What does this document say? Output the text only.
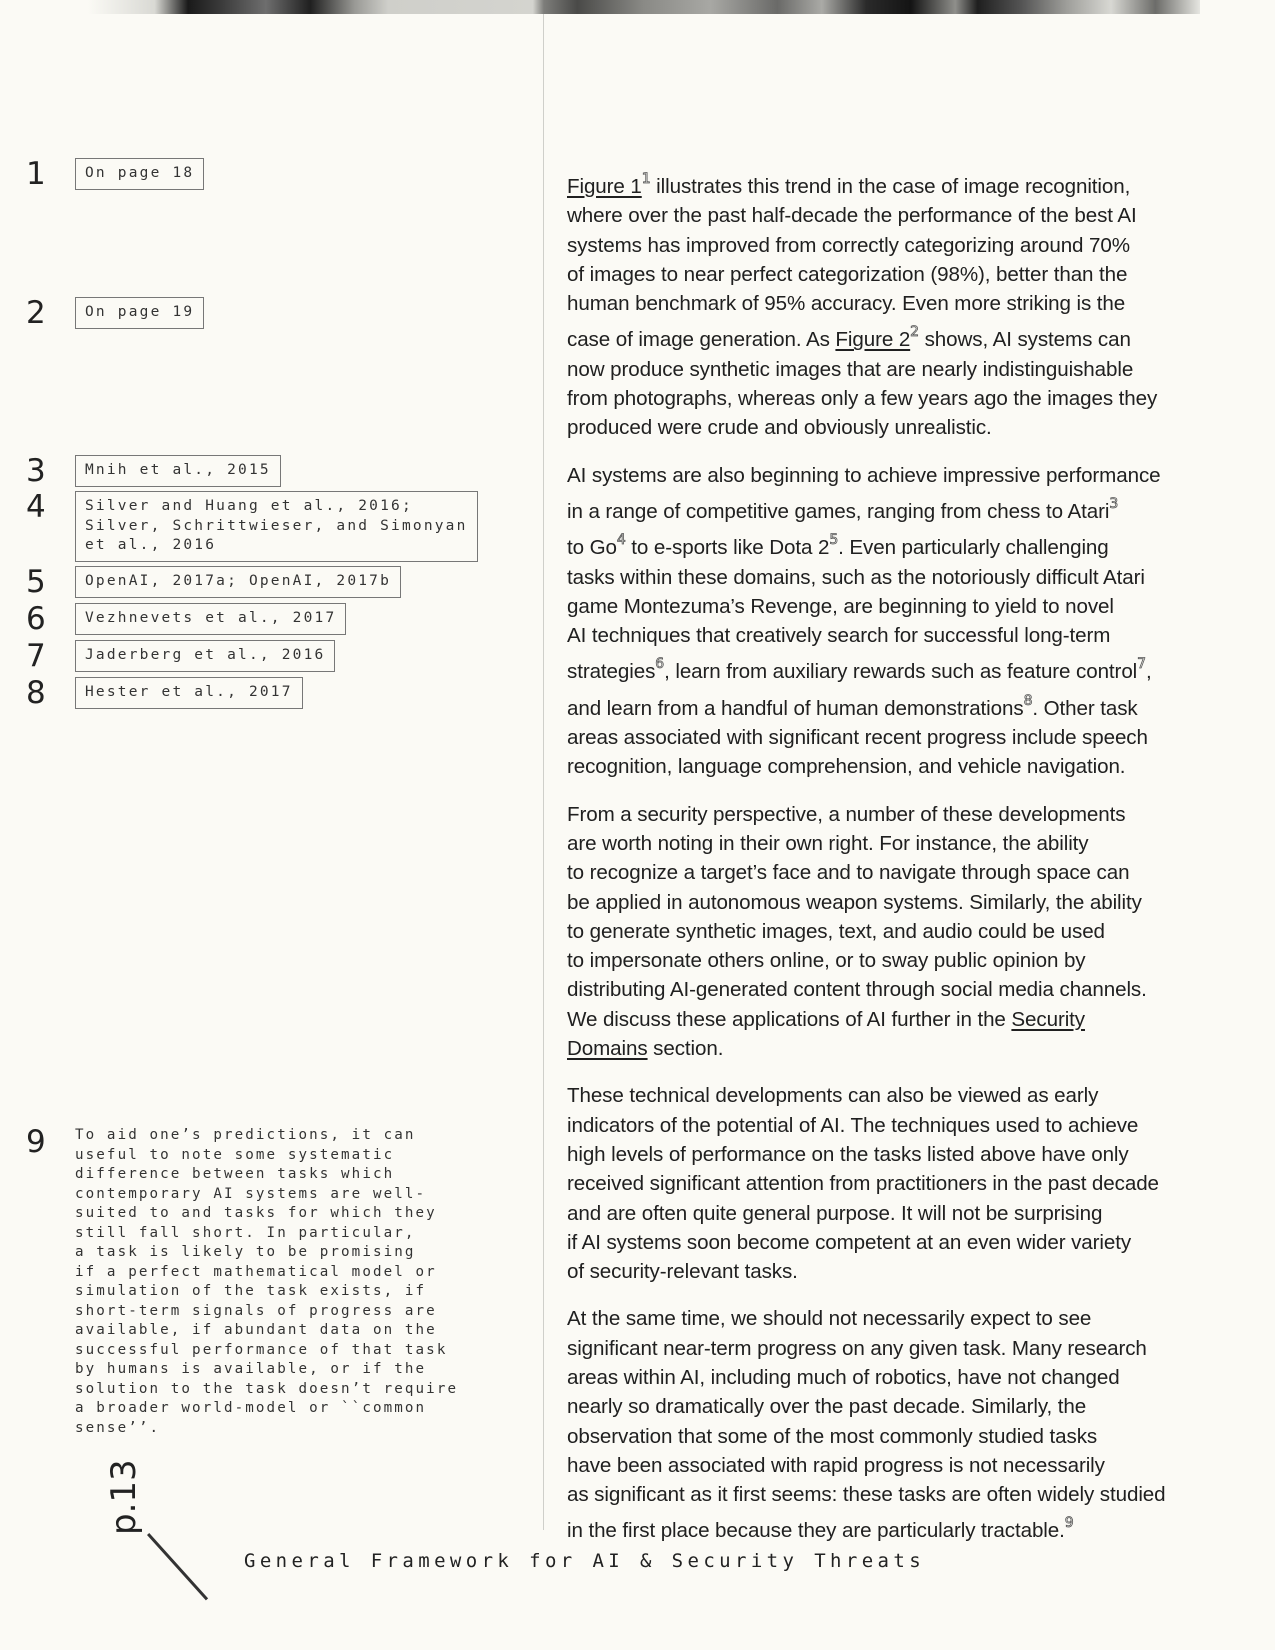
1	On page 18
2	On page 19
3	Mnih et al., 2015
4	Silver and Huang et al., 2016;
Silver, Schrittwieser, and Simonyan
et al., 2016
5	OpenAI, 2017a; OpenAI, 2017b
6	Vezhnevets et al., 2017
7	Jaderberg et al., 2016
8	Hester et al., 2017
9 To aid one’s predictions, it can
useful to note some systematic
difference between tasks which
contemporary AI systems are well-
suited to and tasks for which they
still fall short. In particular,
a task is likely to be promising
if a perfect mathematical model or
simulation of the task exists, if
short-term signals of progress are
available, if abundant data on the
successful performance of that task
by humans is available, or if the
solution to the task doesn’t require
a broader world-model or ``common
sense’’.

Figure 1$^1$ illustrates this trend in the case of image recognition,
where over the past half-decade the performance of the best AI
systems has improved from correctly categorizing around 70%
of images to near perfect categorization (98%), better than the
human benchmark of 95% accuracy. Even more striking is the
case of image generation. As Figure 2$^2$ shows, AI systems can
now produce synthetic images that are nearly indistinguishable
from photographs, whereas only a few years ago the images they
produced were crude and obviously unrealistic.

AI systems are also beginning to achieve impressive performance
in a range of competitive games, ranging from chess to Atari$^3$
to Go$^4$ to e-sports like Dota 2$^5$. Even particularly challenging
tasks within these domains, such as the notoriously difficult Atari
game Montezuma’s Revenge, are beginning to yield to novel
AI techniques that creatively search for successful long-term
strategies$^6$, learn from auxiliary rewards such as feature control$^7$,
and learn from a handful of human demonstrations$^8$. Other task
areas associated with significant recent progress include speech
recognition, language comprehension, and vehicle navigation.

From a security perspective, a number of these developments
are worth noting in their own right. For instance, the ability
to recognize a target’s face and to navigate through space can
be applied in autonomous weapon systems. Similarly, the ability
to generate synthetic images, text, and audio could be used
to impersonate others online, or to sway public opinion by
distributing AI-generated content through social media channels.
We discuss these applications of AI further in the Security
Domains section.

These technical developments can also be viewed as early
indicators of the potential of AI. The techniques used to achieve
high levels of performance on the tasks listed above have only
received significant attention from practitioners in the past decade
and are often quite general purpose. It will not be surprising
if AI systems soon become competent at an even wider variety
of security-relevant tasks.

At the same time, we should not necessarily expect to see
significant near-term progress on any given task. Many research
areas within AI, including much of robotics, have not changed
nearly so dramatically over the past decade. Similarly, the
observation that some of the most commonly studied tasks
have been associated with rapid progress is not necessarily
as significant as it first seems: these tasks are often widely studied
in the first place because they are particularly tractable.$^9$

p.13
General Framework for AI & Security Threats
